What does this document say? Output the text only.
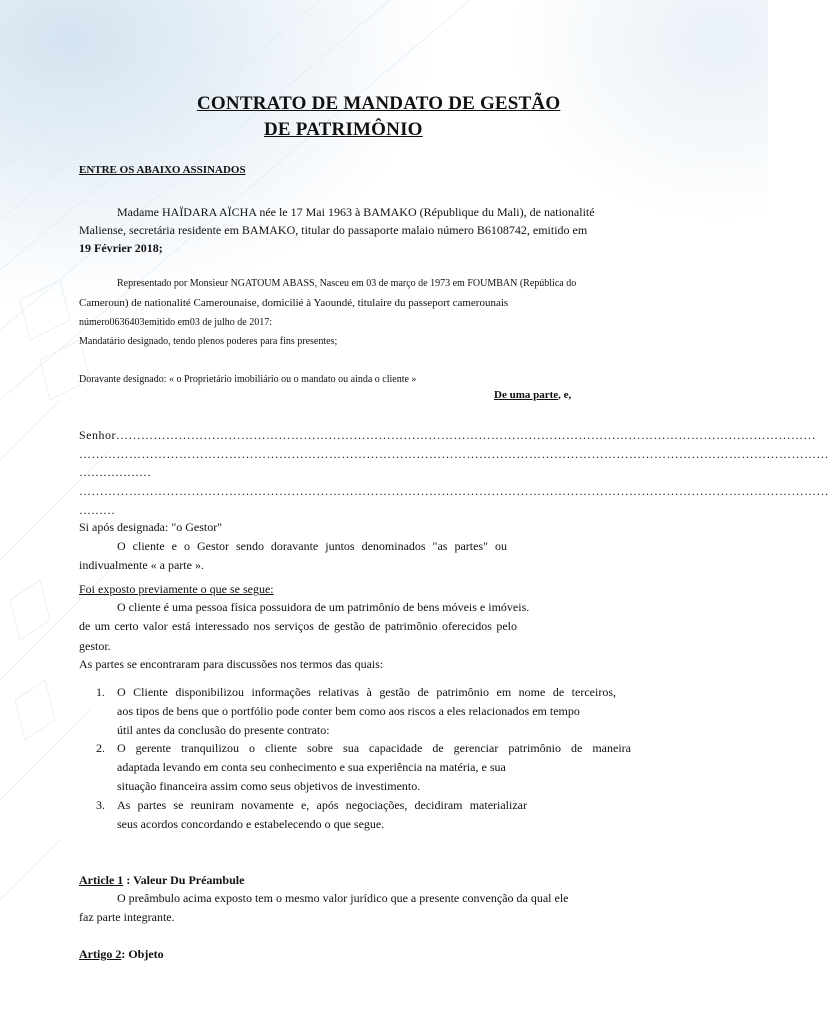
CONTRATO DE MANDATO DE GESTÃO
DE PATRIMÔNIO
ENTRE OS ABAIXO ASSINADOS
Madame HAÏDARA AÏCHA née le 17 Mai 1963 à BAMAKO (République du Mali), de nationalité
Maliense, secretária residente em BAMAKO, titular do passaporte malaio número B6108742, emitido em
19 Février 2018;
Representado por Monsieur NGATOUM ABASS, Nasceu em 03 de março de 1973 em FOUMBAN (República do
Cameroun) de nationalité Camerounaise, domicilié à Yaoundé, titulaire du passeport camerounais
número0636403emitido em03 de julho de 2017:
Mandatário designado, tendo plenos poderes para fins presentes;
Doravante designado: « o Proprietário imobiliário ou o mandato ou ainda o cliente »
De uma parte, e,
Senhor……………………………………………………………………………………………………………………………………………………
………………………………………………………………………………………………………………………………………………………………
………………
………………………………………………………………………………………………………………………………………………………………
………
Si após designada: "o Gestor"
O cliente e o Gestor sendo doravante juntos denominados "as partes" ou
indivualmente « a parte ».
Foi exposto previamente o que se segue:
O cliente é uma pessoa física possuidora de um patrimônio de bens móveis e imóveis.
de um certo valor está interessado nos serviços de gestão de patrimônio oferecidos pelo
gestor.
As partes se encontraram para discussões nos termos das quais:
1. O Cliente disponibilizou informações relativas à gestão de patrimônio em nome de terceiros,
aos tipos de bens que o portfólio pode conter bem como aos riscos a eles relacionados em tempo
útil antes da conclusão do presente contrato:
2. O gerente tranquilizou o cliente sobre sua capacidade de gerenciar patrimônio de maneira
adaptada levando em conta seu conhecimento e sua experiência na matéria, e sua
situação financeira assim como seus objetivos de investimento.
3. As partes se reuniram novamente e, após negociações, decidiram materializar
seus acordos concordando e estabelecendo o que segue.
Article 1 : Valeur Du Préambule
O preâmbulo acima exposto tem o mesmo valor jurídico que a presente convenção da qual ele
faz parte integrante.
Artigo 2: Objeto
